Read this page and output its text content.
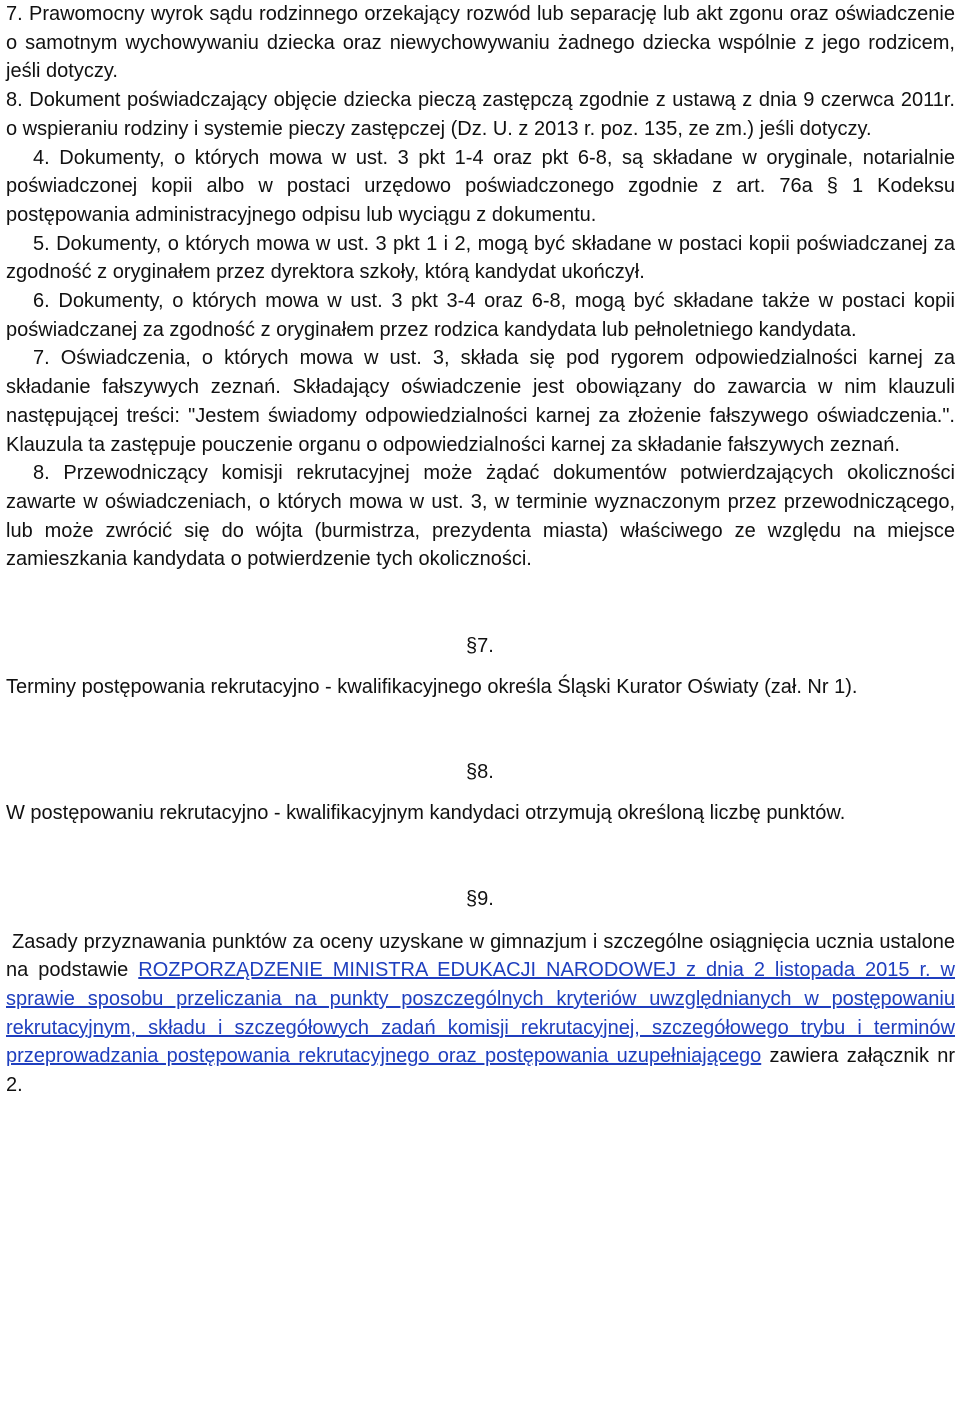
7. Prawomocny wyrok sądu rodzinnego orzekający rozwód lub separację lub akt zgonu oraz oświadczenie o samotnym wychowywaniu dziecka oraz niewychowywaniu żadnego dziecka wspólnie z jego rodzicem, jeśli dotyczy.

8. Dokument poświadczający objęcie dziecka pieczą zastępczą zgodnie z ustawą z dnia 9 czerwca 2011r. o wspieraniu rodziny i systemie pieczy zastępczej (Dz. U. z 2013 r. poz. 135, ze zm.) jeśli dotyczy.

4. Dokumenty, o których mowa w ust. 3 pkt 1-4 oraz pkt 6-8, są składane w oryginale, notarialnie poświadczonej kopii albo w postaci urzędowo poświadczonego zgodnie z art. 76a § 1 Kodeksu postępowania administracyjnego odpisu lub wyciągu z dokumentu.

5. Dokumenty, o których mowa w ust. 3 pkt 1 i 2, mogą być składane w postaci kopii poświadczanej za zgodność z oryginałem przez dyrektora szkoły, którą kandydat ukończył.

6. Dokumenty, o których mowa w ust. 3 pkt 3-4 oraz 6-8, mogą być składane także w postaci kopii poświadczanej za zgodność z oryginałem przez rodzica kandydata lub pełnoletniego kandydata.

7. Oświadczenia, o których mowa w ust. 3, składa się pod rygorem odpowiedzialności karnej za składanie fałszywych zeznań. Składający oświadczenie jest obowiązany do zawarcia w nim klauzuli następującej treści: "Jestem świadomy odpowiedzialności karnej za złożenie fałszywego oświadczenia.". Klauzula ta zastępuje pouczenie organu o odpowiedzialności karnej za składanie fałszywych zeznań.

8. Przewodniczący komisji rekrutacyjnej może żądać dokumentów potwierdzających okoliczności zawarte w oświadczeniach, o których mowa w ust. 3, w terminie wyznaczonym przez przewodniczącego, lub może zwrócić się do wójta (burmistrza, prezydenta miasta) właściwego ze względu na miejsce zamieszkania kandydata o potwierdzenie tych okoliczności.

§7.

Terminy postępowania rekrutacyjno - kwalifikacyjnego określa Śląski Kurator Oświaty (zał. Nr 1).

§8.

W postępowaniu rekrutacyjno - kwalifikacyjnym kandydaci otrzymują określoną liczbę punktów.

§9.

Zasady przyznawania punktów za oceny uzyskane w gimnazjum i szczególne osiągnięcia ucznia ustalone na podstawie ROZPORZĄDZENIE MINISTRA EDUKACJI NARODOWEJ z dnia 2 listopada 2015 r. w sprawie sposobu przeliczania na punkty poszczególnych kryteriów uwzględnianych w postępowaniu rekrutacyjnym, składu i szczegółowych zadań komisji rekrutacyjnej, szczegółowego trybu i terminów przeprowadzania postępowania rekrutacyjnego oraz postępowania uzupełniającego zawiera załącznik nr 2.
